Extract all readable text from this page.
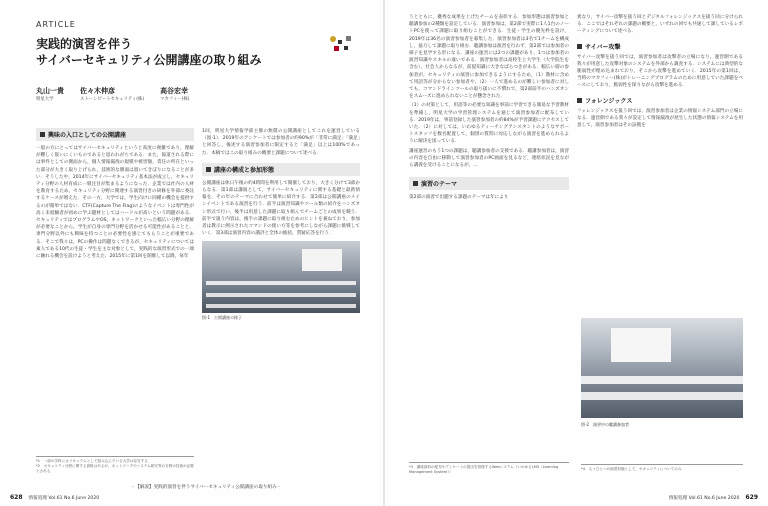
ARTICLE
実践的演習を伴う
サイバーセキュリティ公開講座の取り組み
丸山一貴
明星大学
佐々木伸彦
ストーンビートセキュリティ(株)
高谷宏幸
マカフィー(株)
興味の入口としての公開講座

一般の方にとってはサイバーセキュリティというと高度に複雑であり，理解が難しく扱いにくいものであると思われがちである．また，報道される際には事件としての側面から，個人情報漏洩の規模や被害額，責任の所在といった部分が大きく取り上げられ，技術的な側面は置いてきぼりになることが多い．そうした中，2014年にサイバーセキュリティ基本法が成立し，セキュリティ分野の人材育成に一層注目が集まるようになった．企業では社内の人材を教育するため，セキュリティ分野に関連する演習付きの研修を外部に委託するケースが増えた．その一方，大学では，学生向けに同種の機会を提供するのが簡単ではない．CTF(Capture The Flag)のようなイベントは専門性が高く未経験者が初めに学ぶ題材としてはハードルが高いという問題がある．セキュリティではプログラムやOS，ネットワークといった幅広い分野の理解が必要なことから，学生が自身の専門分野を活かせる可能性があることと，専門分野以外にも興味を持つことの必要性を感じてもらうことが重要である．そこで我々は，PCの操作は問題なくできるが，セキュリティについては素人である10代の生徒・学生を主な対象として，実践的な演習形式での一端に触れる機会を設けようと考えた．2015年に第1回を開催して以降，毎年

*1　一部の学科にカリキュラムとして組み込んでいる大学は存在する．
*2　セキュリティ分野に関する資格はあるが，ネットワークやシステム研究等の分野の技術が必要とされる．

1回，明星大学情報学部主催の無償の公開講座としてこれを運営している（図-1）．2019年のアンケートでは参加者の約90%が「非常に満足」「満足」と回答し，後述する演習参加者に限定すると「満足」以上は100%であった．本稿ではこの取り組みの概要と課題について述べる．

講座の構成と参加形態

公開講座は休日午後の約4時間を利用して開催しており，大きく分けて3部からなる．第1部は講演として，サイバーセキュリティに関する基礎と最新情報を，その年のテーマに合わせて簡単に紹介する．第2部は公開講座のメインイベントである演習を行う．前半は演習知識やツール類の紹介をハンズオン形式で行い，後半は用意した課題に取り組んでチームごとの成果を競う．前半で扱う内容は，後半の課題に取り組むためのヒントを兼ねており，参加者は教示に例示されたコマンドの使い方等を参考にしながら課題に挑戦していく．第3部は演習内容の講評と全体の総括，質疑応答を行う．

図-1　公開講座の様子
- 【解説】実践的演習を伴うサイバーセキュリティ公開講座の取り組み -
628 情報処理 Vol.61 No.6 June 2020

うとともに，優秀な成果を上げたチームを表彰する．参加形態は演習参加と聴講参加の2種類を設定している．演習参加は，第2部で実際に1人1台のノートPCを使って課題に取り組むことができる．生徒・学生の優先枠を設け，2019年は36名の演習参加者を募集した．演習参加者は3名で1チームを構成し，協力して課題に取り組む．聴講参加は演習を行わず，第2部では参加者の様子を見学する形になる．講座の運営には2つの課題があり，1つは参加者の演習知識やスキルの違いである．演習参加者は高校生と大学生（大学院生を含む），社会人からなるが，前提知識に大きなばらつきがある．幅広い層の参加者が，セキュリティの演習に参加できるようにするため，（1）教材に含めて用語等が分からない参加者や，（2）一人で進めるのが難しい参加者に対しても，コマンドラインツールの取り扱いに不慣れで，第2部前半のハンズオンをスムーズに進められないことが懸念された．

（1）の対策として，用語等の必要な知識を事前に学習できる簡易な予習教材を準備し，明星大学の学習管理システムを通じて演習参加者に配布している．2019年は，事前登録した演習参加者の約84%が予習課題にアクセスしていた．（2）に対しては，いわゆるティーチングアシスタントのようなサポートスタッフを数名配置して，個別の質問に対応しながら演習を進められるように解決を図っている．

講座運営のもう1つの課題は，聴講参加者の支援である．聴講参加者は，演習の内容を自由に移動して演習参加者のPC画面を見るなど，連絡状況を見ながら講義を受けることになるが，...

演習のテーマ

第2部の演習で出題する課題のテーマは年により

*3　講座資料の配布やアンケートの提出を管理するWebシステム（いわゆるLMS（Learning Management System））

異なり，サイバー攻撃を扱う回とデジタルフォレンジックスを扱う回に分けられる．ここではそれぞれの課題の概要と，いずれの回でも共通して課しているレポーティングについて述べる．

サイバー攻撃

サイバー攻撃を扱う回では，演習参加者は攻撃者の立場になり，運営側である我々が用意した攻撃対象のシステムを外部から調査する．システムには典型的な脆弱性が埋め込まれており，そこから攻撃を進めていく．2015年の第1回は，当時のマカフィー(株)がトレーニングプログラムのために用意していた課題をベースにしており，脆弱性を探りながら攻撃を進める．

フォレンジックス

フォレンジックスを扱う回では，演習参加者は企業の情報システム部門の立場になる．運営側である我々が設定して情報漏洩が発生した状態の情報システムを用意して，演習参加者はその証拠を

図-2　演習中の聴講参加者
*4　もうひとつの演習形態として，セキュリティについてのみ
情報処理 Vol.61 No.6 June 2020 629
